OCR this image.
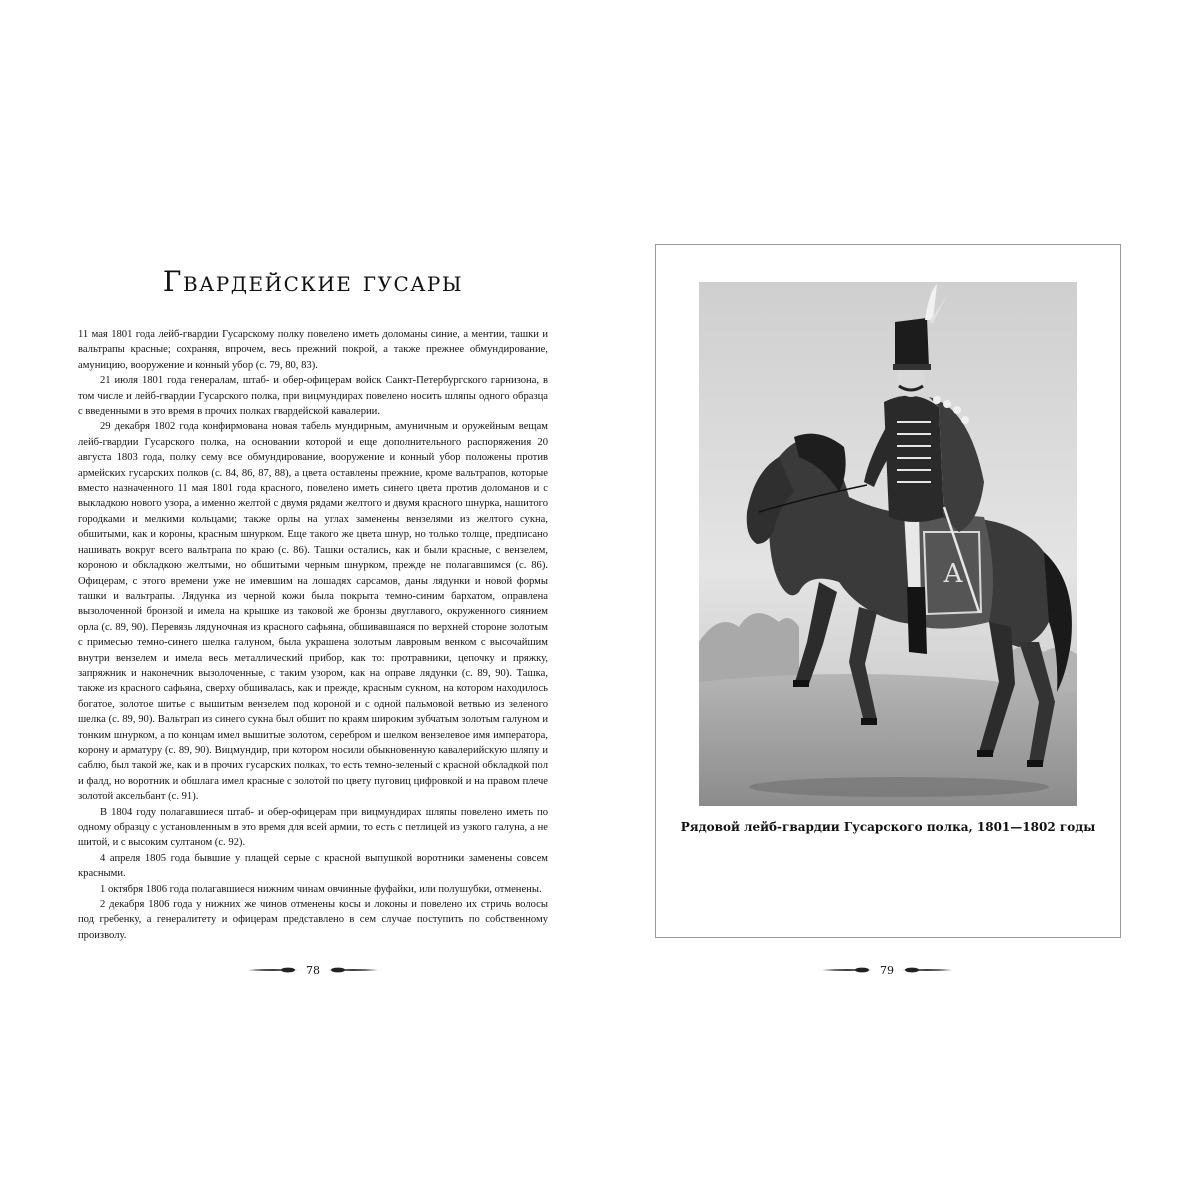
Гвардейские гусары

11 мая 1801 года лейб-гвардии Гусарскому полку повелено иметь доломаны синие, а ментии, ташки и вальтрапы красные; сохраняя, впрочем, весь прежний покрой, а также прежнее обмундирование, амуницию, вооружение и конный убор (с. 79, 80, 83).

21 июля 1801 года генералам, штаб- и обер-офицерам войск Санкт-Петербургского гарнизона, в том числе и лейб-гвардии Гусарского полка, при вицмундирах повелено носить шляпы одного образца с введенными в это время в прочих полках гвардейской кавалерии.

29 декабря 1802 года конфирмована новая табель мундирным, амуничным и оружейным вещам лейб-гвардии Гусарского полка, на основании которой и еще дополнительного распоряжения 20 августа 1803 года, полку сему все обмундирование, вооружение и конный убор положены против армейских гусарских полков (с. 84, 86, 87, 88), а цвета оставлены прежние, кроме вальтрапов, которые вместо назначенного 11 мая 1801 года красного, повелено иметь синего цвета против доломанов и с выкладкою нового узора, а именно желтой с двумя рядами желтого и двумя красного шнурка, нашитого городками и мелкими кольцами; также орлы на углах заменены вензелями из желтого сукна, обшитыми, как и короны, красным шнурком. Еще такого же цвета шнур, но только толще, предписано нашивать вокруг всего вальтрапа по краю (с. 86). Ташки остались, как и были красные, с вензелем, короною и обкладкою желтыми, но обшитыми черным шнурком, прежде не полагавшимся (с. 86). Офицерам, с этого времени уже не имевшим на лошадях сарсамов, даны лядунки и новой формы ташки и вальтрапы. Лядунка из черной кожи была покрыта темно-синим бархатом, оправлена вызолоченной бронзой и имела на крышке из таковой же бронзы двуглавого, окруженного сиянием орла (с. 89, 90). Перевязь лядуночная из красного сафьяна, обшивавшаяся по верхней стороне золотым с примесью темно-синего шелка галуном, была украшена золотым лавровым венком с высочайшим внутри вензелем и имела весь металлический прибор, как то: протравники, цепочку и пряжку, запряжник и наконечник вызолоченные, с таким узором, как на оправе лядунки (с. 89, 90). Ташка, также из красного сафьяна, сверху обшивалась, как и прежде, красным сукном, на котором находилось богатое, золотое шитье с вышитым вензелем под короной и с одной пальмовой ветвью из зеленого шелка (с. 89, 90). Вальтрап из синего сукна был обшит по краям широким зубчатым золотым галуном и тонким шнурком, а по концам имел вышитые золотом, серебром и шелком вензелевое имя императора, корону и арматуру (с. 89, 90). Вицмундир, при котором носили обыкновенную кавалерийскую шляпу и саблю, был такой же, как и в прочих гусарских полках, то есть темно-зеленый с красной обкладкой пол и фалд, но воротник и обшлага имел красные с золотой по цвету пуговиц цифровкой и на правом плече золотой аксельбант (с. 91).

В 1804 году полагавшиеся штаб- и обер-офицерам при вицмундирах шляпы повелено иметь по одному образцу с установленным в это время для всей армии, то есть с петлицей из узкого галуна, а не шитой, и с высоким султаном (с. 92).

4 апреля 1805 года бывшие у плащей серые с красной выпушкой воротники заменены совсем красными.

1 октября 1806 года полагавшиеся нижним чинам овчинные фуфайки, или полушубки, отменены.

2 декабря 1806 года у нижних же чинов отменены косы и локоны и повелено их стричь волосы под гребенку, а генералитету и офицерам представлено в сем случае поступить по собственному произволу.

78
A
Рядовой лейб-гвардии Гусарского полка, 1801—1802 годы
79
